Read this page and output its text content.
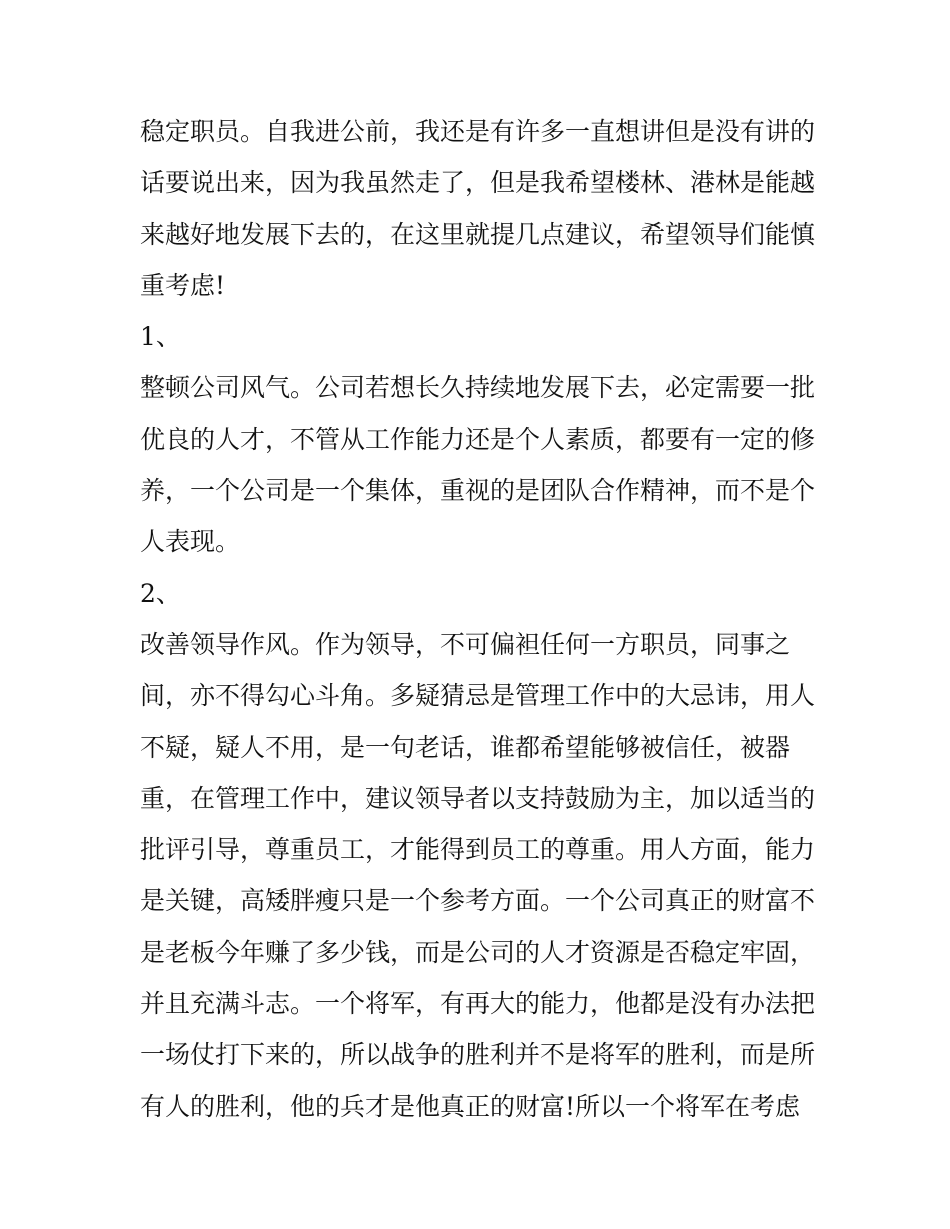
稳定职员。自我进公前，我还是有许多一直想讲但是没有讲的
话要说出来，因为我虽然走了，但是我希望楼林、港林是能越
来越好地发展下去的，在这里就提几点建议，希望领导们能慎
重考虑!
1、
整顿公司风气。公司若想长久持续地发展下去，必定需要一批
优良的人才，不管从工作能力还是个人素质，都要有一定的修
养，一个公司是一个集体，重视的是团队合作精神，而不是个
人表现。
2、
改善领导作风。作为领导，不可偏袒任何一方职员，同事之
间，亦不得勾心斗角。多疑猜忌是管理工作中的大忌讳，用人
不疑，疑人不用，是一句老话，谁都希望能够被信任，被器
重，在管理工作中，建议领导者以支持鼓励为主，加以适当的
批评引导，尊重员工，才能得到员工的尊重。用人方面，能力
是关键，高矮胖瘦只是一个参考方面。一个公司真正的财富不
是老板今年赚了多少钱，而是公司的人才资源是否稳定牢固，
并且充满斗志。一个将军，有再大的能力，他都是没有办法把
一场仗打下来的，所以战争的胜利并不是将军的胜利，而是所
有人的胜利，他的兵才是他真正的财富!所以一个将军在考虑
